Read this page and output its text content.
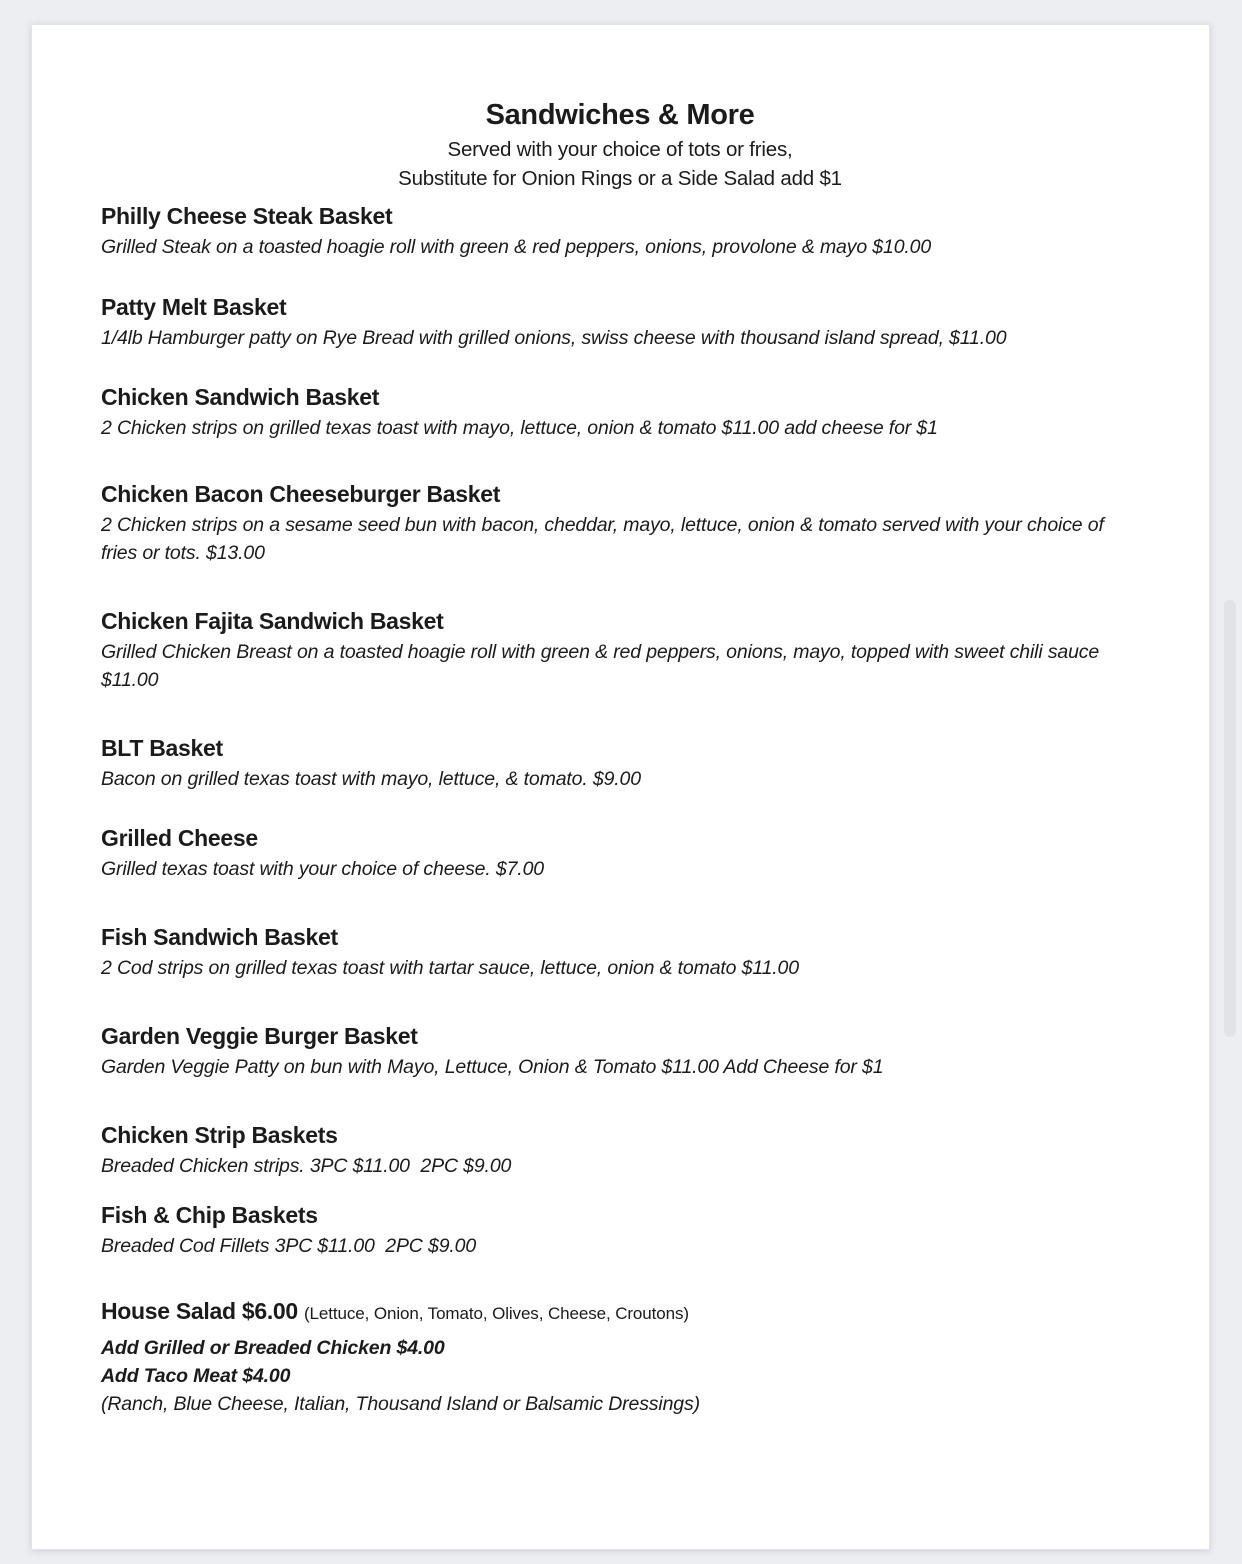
Sandwiches & More
Served with your choice of tots or fries,
Substitute for Onion Rings or a Side Salad add $1
Philly Cheese Steak Basket

Grilled Steak on a toasted hoagie roll with green & red peppers, onions, provolone & mayo $10.00

Patty Melt Basket

1/4lb Hamburger patty on Rye Bread with grilled onions, swiss cheese with thousand island spread, $11.00

Chicken Sandwich Basket

2 Chicken strips on grilled texas toast with mayo, lettuce, onion & tomato $11.00 add cheese for $1

Chicken Bacon Cheeseburger Basket

2 Chicken strips on a sesame seed bun with bacon, cheddar, mayo, lettuce, onion & tomato served with your choice of fries or tots. $13.00

Chicken Fajita Sandwich Basket

Grilled Chicken Breast on a toasted hoagie roll with green & red peppers, onions, mayo, topped with sweet chili sauce $11.00

BLT Basket

Bacon on grilled texas toast with mayo, lettuce, & tomato. $9.00

Grilled Cheese

Grilled texas toast with your choice of cheese. $7.00

Fish Sandwich Basket

2 Cod strips on grilled texas toast with tartar sauce, lettuce, onion & tomato $11.00

Garden Veggie Burger Basket

Garden Veggie Patty on bun with Mayo, Lettuce, Onion & Tomato $11.00 Add Cheese for $1

Chicken Strip Baskets

Breaded Chicken strips. 3PC $11.00  2PC $9.00

Fish & Chip Baskets

Breaded Cod Fillets 3PC $11.00  2PC $9.00

House Salad $6.00 (Lettuce, Onion, Tomato, Olives, Cheese, Croutons)

Add Grilled or Breaded Chicken $4.00

Add Taco Meat $4.00

(Ranch, Blue Cheese, Italian, Thousand Island or Balsamic Dressings)
